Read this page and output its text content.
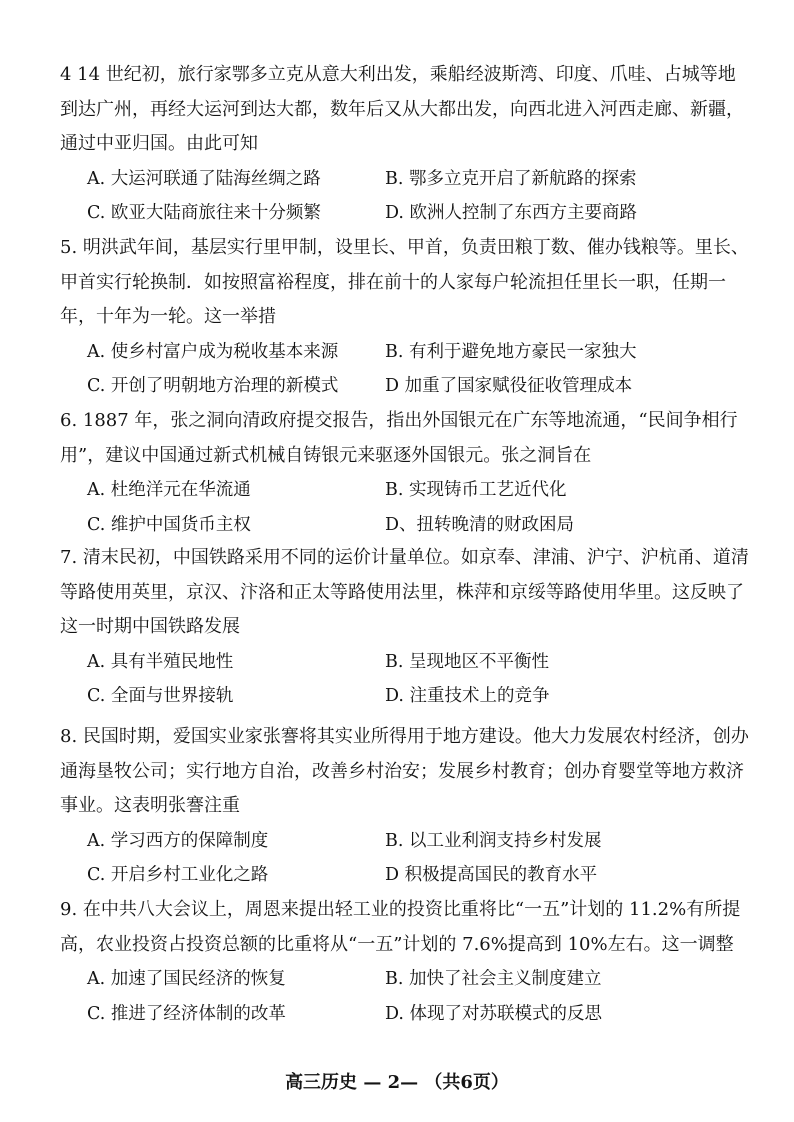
4 14 世纪初，旅行家鄂多立克从意大利出发，乘船经波斯湾、印度、爪哇、占城等地到达广州，再经大运河到达大都，数年后又从大都出发，向西北进入河西走廊、新疆，通过中亚归国。由此可知

A. 大运河联通了陆海丝绸之路	B. 鄂多立克开启了新航路的探索
C. 欧亚大陆商旅往来十分频繁	D. 欧洲人控制了东西方主要商路

5. 明洪武年间，基层实行里甲制，设里长、甲首，负责田粮丁数、催办钱粮等。里长、甲首实行轮换制．如按照富裕程度，排在前十的人家每户轮流担任里长一职，任期一年，十年为一轮。这一举措

A. 使乡村富户成为税收基本来源	B. 有利于避免地方豪民一家独大
C. 开创了明朝地方治理的新模式	D 加重了国家赋役征收管理成本

6. 1887 年，张之洞向清政府提交报告，指出外国银元在广东等地流通，“民间争相行用”，建议中国通过新式机械自铸银元来驱逐外国银元。张之洞旨在

A. 杜绝洋元在华流通	B. 实现铸币工艺近代化
C. 维护中国货币主权	D、扭转晚清的财政困局

7. 清末民初，中国铁路采用不同的运价计量单位。如京奉、津浦、沪宁、沪杭甬、道清等路使用英里，京汉、汴洛和正太等路使用法里，株萍和京绥等路使用华里。这反映了这一时期中国铁路发展

A. 具有半殖民地性	B. 呈现地区不平衡性
C. 全面与世界接轨	D. 注重技术上的竞争

8. 民国时期，爱国实业家张謇将其实业所得用于地方建设。他大力发展农村经济，创办通海垦牧公司；实行地方自治，改善乡村治安；发展乡村教育；创办育婴堂等地方救济事业。这表明张謇注重

A. 学习西方的保障制度	B. 以工业利润支持乡村发展
C. 开启乡村工业化之路	D 积极提高国民的教育水平

9. 在中共八大会议上，周恩来提出轻工业的投资比重将比“一五”计划的 11.2%有所提高，农业投资占投资总额的比重将从“一五”计划的 7.6%提高到 10%左右。这一调整

A. 加速了国民经济的恢复	B. 加快了社会主义制度建立
C. 推进了经济体制的改革	D. 体现了对苏联模式的反思
高三历史 — 2— （共6页）
